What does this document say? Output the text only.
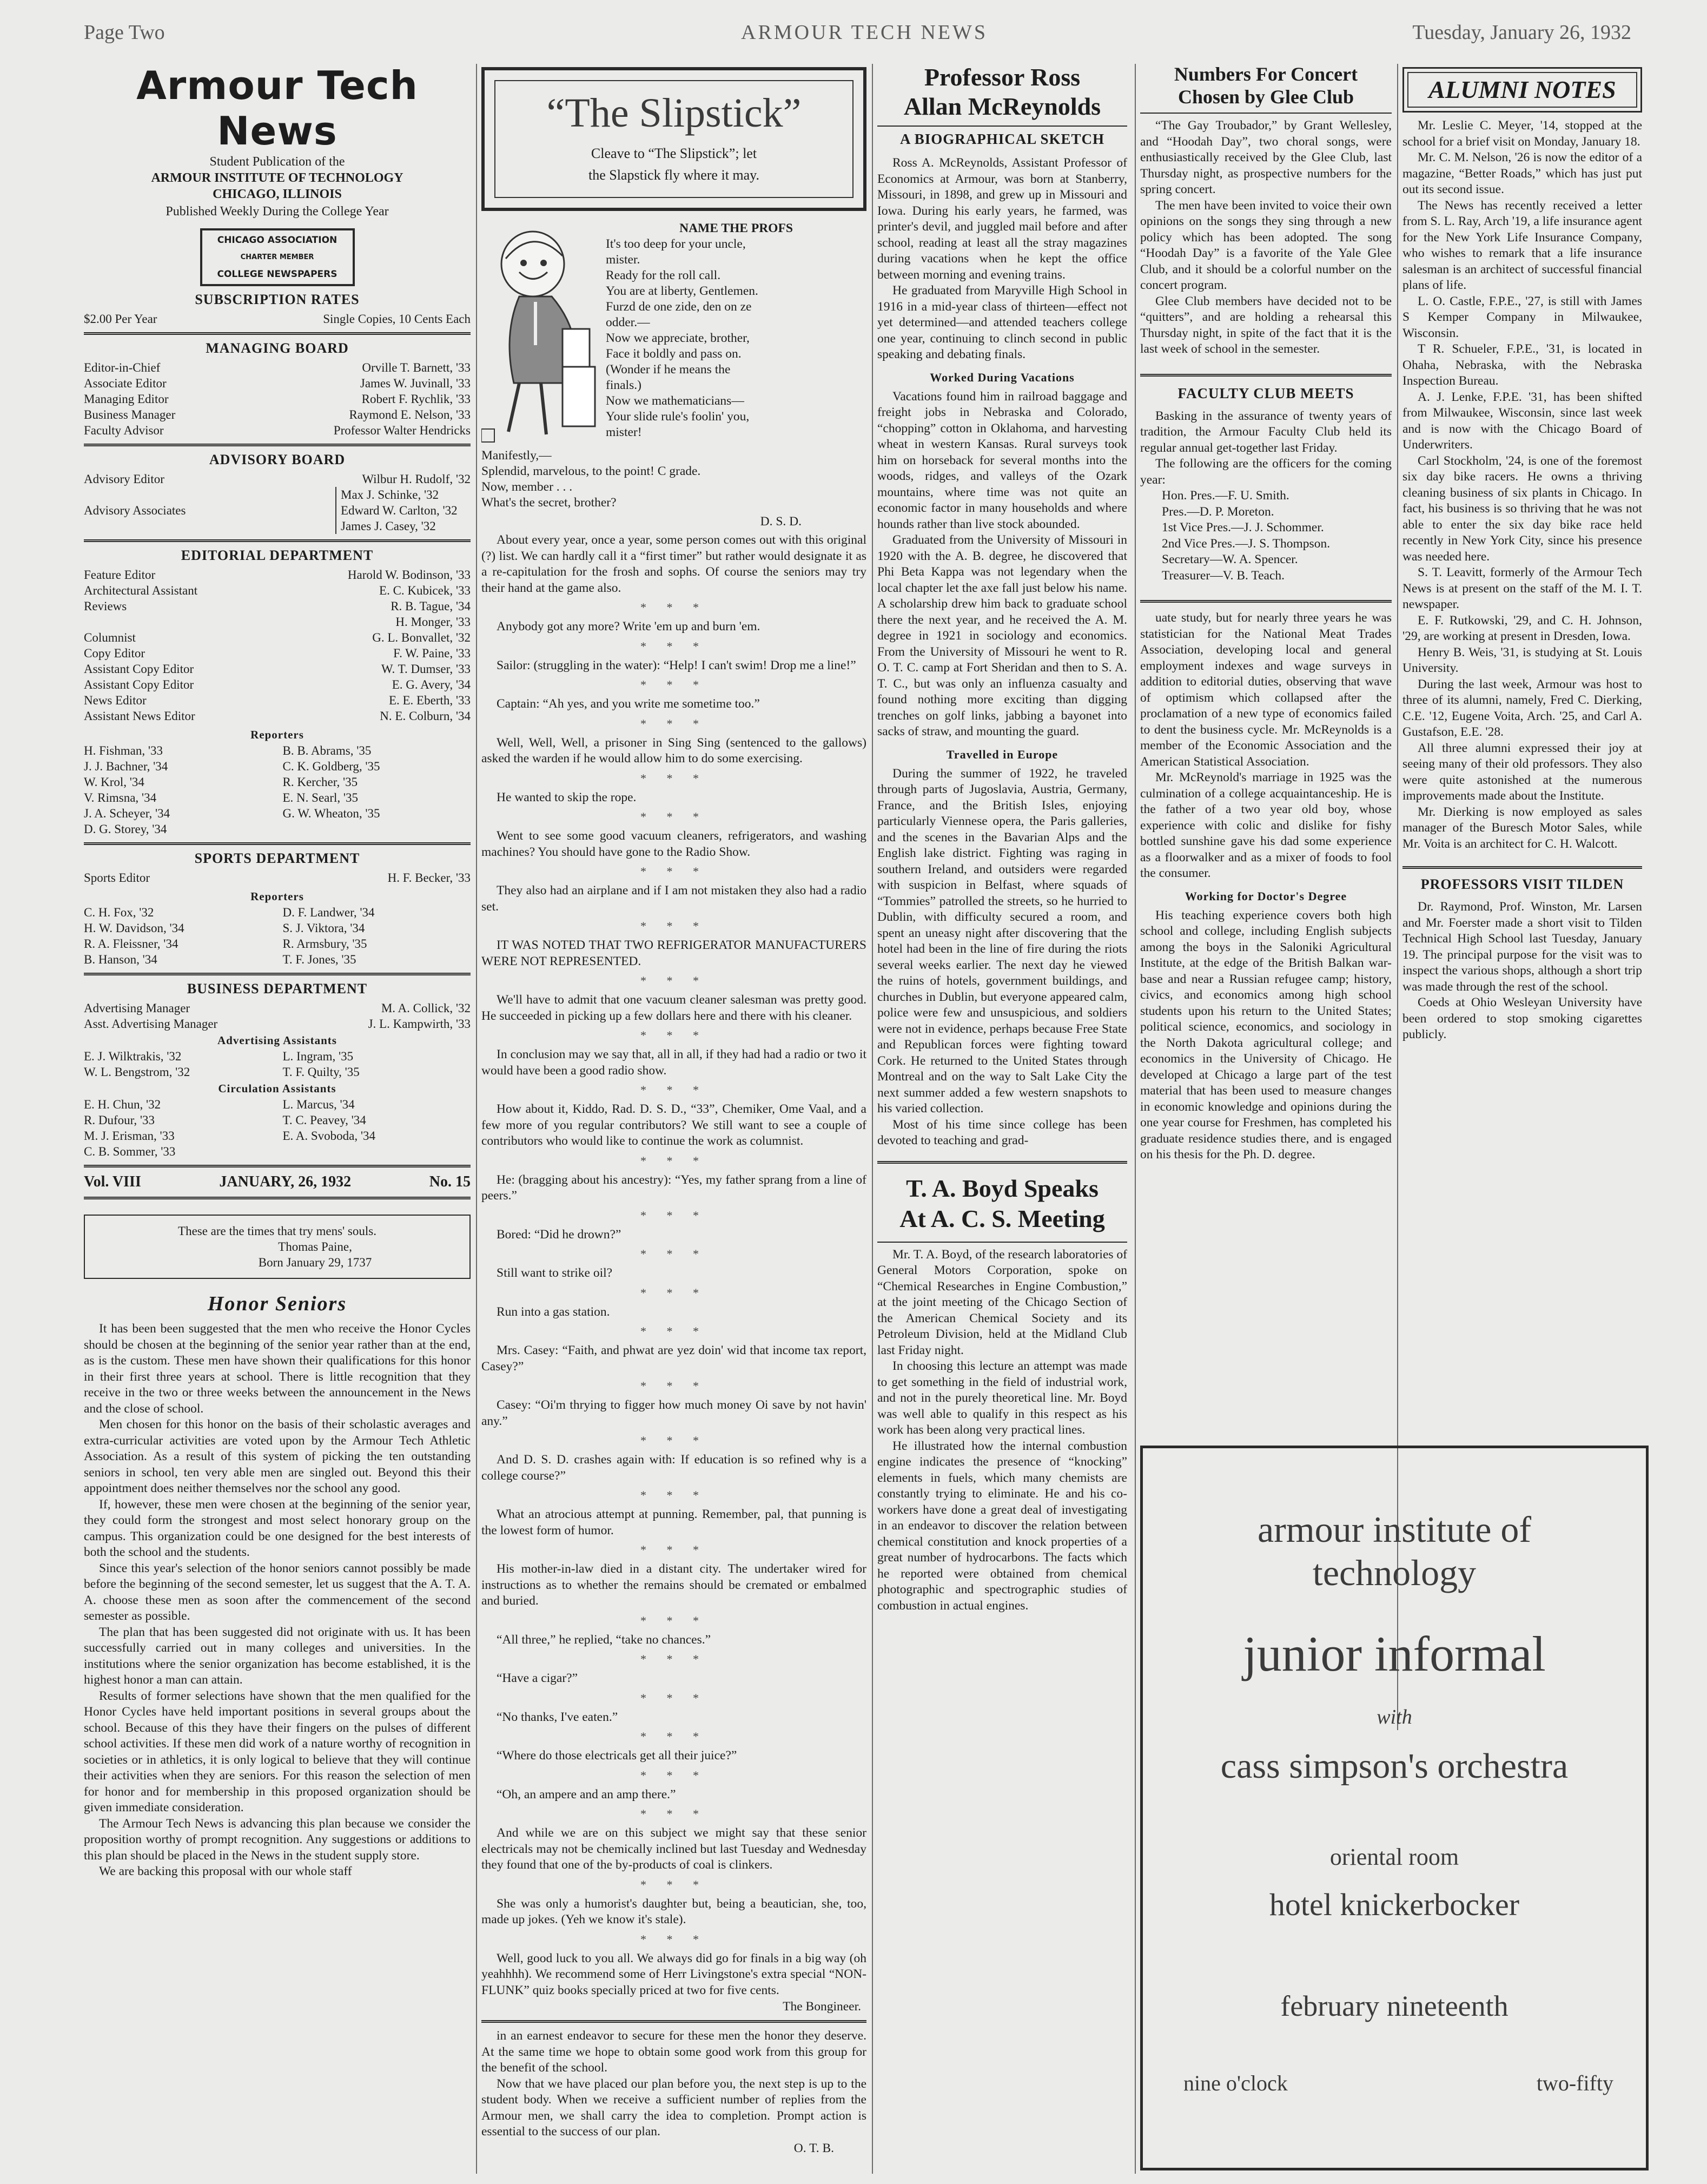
Page Two	ARMOUR TECH NEWS	Tuesday, January 26, 1932
Armour Tech News
Student Publication of the
ARMOUR INSTITUTE OF TECHNOLOGY
CHICAGO, ILLINOIS
Published Weekly During the College Year
CHICAGO ASSOCIATION
CHARTER MEMBER
COLLEGE NEWSPAPERS
SUBSCRIPTION RATES
$2.00 Per Year	Single Copies, 10 Cents Each
MANAGING BOARD
Editor-in-Chief	Orville T. Barnett, '33
Associate Editor	James W. Juvinall, '33
Managing Editor	Robert F. Rychlik, '33
Business Manager	Raymond E. Nelson, '33
Faculty Advisor	Professor Walter Hendricks
ADVISORY BOARD
Advisory Editor	Wilbur H. Rudolf, '32
Advisory Associates
Max J. Schinke, '32
Edward W. Carlton, '32
James J. Casey, '32
EDITORIAL DEPARTMENT
Feature Editor	Harold W. Bodinson, '33
Architectural Assistant	E. C. Kubicek, '33
Reviews	R. B. Tague, '34
H. Monger, '33
Columnist	G. L. Bonvallet, '32
Copy Editor	F. W. Paine, '33
Assistant Copy Editor	W. T. Dumser, '33
Assistant Copy Editor	E. G. Avery, '34
News Editor	E. E. Eberth, '33
Assistant News Editor	N. E. Colburn, '34
Reporters
H. Fishman, '33	B. B. Abrams, '35
J. J. Bachner, '34	C. K. Goldberg, '35
W. Krol, '34	R. Kercher, '35
V. Rimsna, '34	E. N. Searl, '35
J. A. Scheyer, '34	G. W. Wheaton, '35
D. G. Storey, '34
SPORTS DEPARTMENT
Sports Editor	H. F. Becker, '33
Reporters
C. H. Fox, '32	D. F. Landwer, '34
H. W. Davidson, '34	S. J. Viktora, '34
R. A. Fleissner, '34	R. Armsbury, '35
B. Hanson, '34	T. F. Jones, '35
BUSINESS DEPARTMENT
Advertising Manager	M. A. Collick, '32
Asst. Advertising Manager	J. L. Kampwirth, '33
Advertising Assistants
E. J. Wilktrakis, '32	L. Ingram, '35
W. L. Bengstrom, '32	T. F. Quilty, '35
Circulation Assistants
E. H. Chun, '32	L. Marcus, '34
R. Dufour, '33	T. C. Peavey, '34
M. J. Erisman, '33	E. A. Svoboda, '34
C. B. Sommer, '33
Vol. VIII	JANUARY, 26, 1932	No. 15
These are the times that try mens' souls.
Thomas Paine,
Born January 29, 1737
Honor Seniors

It has been been suggested that the men who receive the Honor Cycles should be chosen at the beginning of the senior year rather than at the end, as is the custom. These men have shown their qualifications for this honor in their first three years at school. There is little recognition that they receive in the two or three weeks between the announcement in the News and the close of school.

Men chosen for this honor on the basis of their scholastic averages and extra-curricular activities are voted upon by the Armour Tech Athletic Association. As a result of this system of picking the ten outstanding seniors in school, ten very able men are singled out. Beyond this their appointment does neither themselves nor the school any good.

If, however, these men were chosen at the beginning of the senior year, they could form the strongest and most select honorary group on the campus. This organization could be one designed for the best interests of both the school and the students.

Since this year's selection of the honor seniors cannot possibly be made before the beginning of the second semester, let us suggest that the A. T. A. A. choose these men as soon after the commencement of the second semester as possible.

The plan that has been suggested did not originate with us. It has been successfully carried out in many colleges and universities. In the institutions where the senior organization has become established, it is the highest honor a man can attain.

Results of former selections have shown that the men qualified for the Honor Cycles have held important positions in several groups about the school. Because of this they have their fingers on the pulses of different school activities. If these men did work of a nature worthy of recognition in societies or in athletics, it is only logical to believe that they will continue their activities when they are seniors. For this reason the selection of men for honor and for membership in this proposed organization should be given immediate consideration.

The Armour Tech News is advancing this plan because we consider the proposition worthy of prompt recognition. Any suggestions or additions to this plan should be placed in the News in the student supply store.

We are backing this proposal with our whole staff

“The Slipstick”
Cleave to “The Slipstick”; let
the Slapstick fly where it may.
NAME THE PROFS
It's too deep for your uncle,
mister.
Ready for the roll call.
You are at liberty, Gentlemen.
Furzd de one zide, den on ze
odder.—
Now we appreciate, brother,
Face it boldly and pass on.
(Wonder if he means the
finals.)
Now we mathematicians—
Your slide rule's foolin' you,
mister!
Manifestly,—
Splendid, marvelous, to the point! C grade.
Now, member . . .
What's the secret, brother?
D. S. D.

About every year, once a year, some person comes out with this original (?) list. We can hardly call it a “first timer” but rather would designate it as a re-capitulation for the frosh and sophs. Of course the seniors may try their hand at the game also.

* * *

Anybody got any more? Write 'em up and burn 'em.

* * *

Sailor: (struggling in the water): “Help! I can't swim! Drop me a line!”

* * *

Captain: “Ah yes, and you write me sometime too.”

* * *

Well, Well, Well, a prisoner in Sing Sing (sentenced to the gallows) asked the warden if he would allow him to do some exercising.

* * *

He wanted to skip the rope.

* * *

Went to see some good vacuum cleaners, refrigerators, and washing machines? You should have gone to the Radio Show.

* * *

They also had an airplane and if I am not mistaken they also had a radio set.

* * *

IT WAS NOTED THAT TWO REFRIGERATOR MANUFACTURERS WERE NOT REPRESENTED.

* * *

We'll have to admit that one vacuum cleaner salesman was pretty good. He succeeded in picking up a few dollars here and there with his cleaner.

* * *

In conclusion may we say that, all in all, if they had had a radio or two it would have been a good radio show.

* * *

How about it, Kiddo, Rad. D. S. D., “33”, Chemiker, Ome Vaal, and a few more of you regular contributors? We still want to see a couple of contributors who would like to continue the work as columnist.

* * *

He: (bragging about his ancestry): “Yes, my father sprang from a line of peers.”

* * *

Bored: “Did he drown?”

* * *

Still want to strike oil?

* * *

Run into a gas station.

* * *

Mrs. Casey: “Faith, and phwat are yez doin' wid that income tax report, Casey?”

* * *

Casey: “Oi'm thrying to figger how much money Oi save by not havin' any.”

* * *

And D. S. D. crashes again with: If education is so refined why is a college course?”

* * *

What an atrocious attempt at punning. Remember, pal, that punning is the lowest form of humor.

* * *

His mother-in-law died in a distant city. The undertaker wired for instructions as to whether the remains should be cremated or embalmed and buried.

* * *

“All three,” he replied, “take no chances.”

* * *

“Have a cigar?”

* * *

“No thanks, I've eaten.”

* * *

“Where do those electricals get all their juice?”

* * *

“Oh, an ampere and an amp there.”

* * *

And while we are on this subject we might say that these senior electricals may not be chemically inclined but last Tuesday and Wednesday they found that one of the by-products of coal is clinkers.

* * *

She was only a humorist's daughter but, being a beautician, she, too, made up jokes. (Yeh we know it's stale).

* * *

Well, good luck to you all. We always did go for finals in a big way (oh yeahhhh). We recommend some of Herr Livingstone's extra special “NON-FLUNK” quiz books specially priced at two for five cents.

The Bongineer.

in an earnest endeavor to secure for these men the honor they deserve. At the same time we hope to obtain some good work from this group for the benefit of the school.

Now that we have placed our plan before you, the next step is up to the student body. When we receive a sufficient number of replies from the Armour men, we shall carry the idea to completion. Prompt action is essential to the success of our plan.

O. T. B.
Professor Ross
Allan McReynolds
A BIOGRAPHICAL SKETCH

Ross A. McReynolds, Assistant Professor of Economics at Armour, was born at Stanberry, Missouri, in 1898, and grew up in Missouri and Iowa. During his early years, he farmed, was printer's devil, and juggled mail before and after school, reading at least all the stray magazines during vacations when he kept the office between morning and evening trains.

He graduated from Maryville High School in 1916 in a mid-year class of thirteen—effect not yet determined—and attended teachers college one year, continuing to clinch second in public speaking and debating finals.

Worked During Vacations

Vacations found him in railroad baggage and freight jobs in Nebraska and Colorado, “chopping” cotton in Oklahoma, and harvesting wheat in western Kansas. Rural surveys took him on horseback for several months into the woods, ridges, and valleys of the Ozark mountains, where time was not quite an economic factor in many households and where hounds rather than live stock abounded.

Graduated from the University of Missouri in 1920 with the A. B. degree, he discovered that Phi Beta Kappa was not legendary when the local chapter let the axe fall just below his name. A scholarship drew him back to graduate school there the next year, and he received the A. M. degree in 1921 in sociology and economics. From the University of Missouri he went to R. O. T. C. camp at Fort Sheridan and then to S. A. T. C., but was only an influenza casualty and found nothing more exciting than digging trenches on golf links, jabbing a bayonet into sacks of straw, and mounting the guard.

Travelled in Europe

During the summer of 1922, he traveled through parts of Jugoslavia, Austria, Germany, France, and the British Isles, enjoying particularly Viennese opera, the Paris galleries, and the scenes in the Bavarian Alps and the English lake district. Fighting was raging in southern Ireland, and outsiders were regarded with suspicion in Belfast, where squads of “Tommies” patrolled the streets, so he hurried to Dublin, with difficulty secured a room, and spent an uneasy night after discovering that the hotel had been in the line of fire during the riots several weeks earlier. The next day he viewed the ruins of hotels, government buildings, and churches in Dublin, but everyone appeared calm, police were few and unsuspicious, and soldiers were not in evidence, perhaps because Free State and Republican forces were fighting toward Cork. He returned to the United States through Montreal and on the way to Salt Lake City the next summer added a few western snapshots to his varied collection.

Most of his time since college has been devoted to teaching and grad-

T. A. Boyd Speaks
At A. C. S. Meeting

Mr. T. A. Boyd, of the research laboratories of General Motors Corporation, spoke on “Chemical Researches in Engine Combustion,” at the joint meeting of the Chicago Section of the American Chemical Society and its Petroleum Division, held at the Midland Club last Friday night.

In choosing this lecture an attempt was made to get something in the field of industrial work, and not in the purely theoretical line. Mr. Boyd was well able to qualify in this respect as his work has been along very practical lines.

He illustrated how the internal combustion engine indicates the presence of “knocking” elements in fuels, which many chemists are constantly trying to eliminate. He and his co-workers have done a great deal of investigating in an endeavor to discover the relation between chemical constitution and knock properties of a great number of hydrocarbons. The facts which he reported were obtained from chemical photographic and spectrographic studies of combustion in actual engines.

Numbers For Concert
Chosen by Glee Club

“The Gay Troubador,” by Grant Wellesley, and “Hoodah Day”, two choral songs, were enthusiastically received by the Glee Club, last Thursday night, as prospective numbers for the spring concert.

The men have been invited to voice their own opinions on the songs they sing through a new policy which has been adopted. The song “Hoodah Day” is a favorite of the Yale Glee Club, and it should be a colorful number on the concert program.

Glee Club members have decided not to be “quitters”, and are holding a rehearsal this Thursday night, in spite of the fact that it is the last week of school in the semester.

FACULTY CLUB MEETS

Basking in the assurance of twenty years of tradition, the Armour Faculty Club held its regular annual get-together last Friday.

The following are the officers for the coming year:

Hon. Pres.—F. U. Smith.
Pres.—D. P. Moreton.
1st Vice Pres.—J. J. Schommer.
2nd Vice Pres.—J. S. Thompson.
Secretary—W. A. Spencer.
Treasurer—V. B. Teach.

uate study, but for nearly three years he was statistician for the National Meat Trades Association, developing local and general employment indexes and wage surveys in addition to editorial duties, observing that wave of optimism which collapsed after the proclamation of a new type of economics failed to dent the business cycle. Mr. McReynolds is a member of the Economic Association and the American Statistical Association.

Mr. McReynold's marriage in 1925 was the culmination of a college acquaintanceship. He is the father of a two year old boy, whose experience with colic and dislike for fishy bottled sunshine gave his dad some experience as a floorwalker and as a mixer of foods to fool the consumer.

Working for Doctor's Degree

His teaching experience covers both high school and college, including English subjects among the boys in the Saloniki Agricultural Institute, at the edge of the British Balkan war-base and near a Russian refugee camp; history, civics, and economics among high school students upon his return to the United States; political science, economics, and sociology in the North Dakota agricultural college; and economics in the University of Chicago. He developed at Chicago a large part of the test material that has been used to measure changes in economic knowledge and opinions during the one year course for Freshmen, has completed his graduate residence studies there, and is engaged on his thesis for the Ph. D. degree.

ALUMNI NOTES

Mr. Leslie C. Meyer, '14, stopped at the school for a brief visit on Monday, January 18.

Mr. C. M. Nelson, '26 is now the editor of a magazine, “Better Roads,” which has just put out its second issue.

The News has recently received a letter from S. L. Ray, Arch '19, a life insurance agent for the New York Life Insurance Company, who wishes to remark that a life insurance salesman is an architect of successful financial plans of life.

L. O. Castle, F.P.E., '27, is still with James S Kemper Company in Milwaukee, Wisconsin.

T R. Schueler, F.P.E., '31, is located in Ohaha, Nebraska, with the Nebraska Inspection Bureau.

A. J. Lenke, F.P.E. '31, has been shifted from Milwaukee, Wisconsin, since last week and is now with the Chicago Board of Underwriters.

Carl Stockholm, '24, is one of the foremost six day bike racers. He owns a thriving cleaning business of six plants in Chicago. In fact, his business is so thriving that he was not able to enter the six day bike race held recently in New York City, since his presence was needed here.

S. T. Leavitt, formerly of the Armour Tech News is at present on the staff of the M. I. T. newspaper.

E. F. Rutkowski, '29, and C. H. Johnson, '29, are working at present in Dresden, Iowa.

Henry B. Weis, '31, is studying at St. Louis University.

During the last week, Armour was host to three of its alumni, namely, Fred C. Dierking, C.E. '12, Eugene Voita, Arch. '25, and Carl A. Gustafson, E.E. '28.

All three alumni expressed their joy at seeing many of their old professors. They also were quite astonished at the numerous improvements made about the Institute.

Mr. Dierking is now employed as sales manager of the Buresch Motor Sales, while Mr. Voita is an architect for C. H. Walcott.

PROFESSORS VISIT TILDEN

Dr. Raymond, Prof. Winston, Mr. Larsen and Mr. Foerster made a short visit to Tilden Technical High School last Tuesday, January 19. The principal purpose for the visit was to inspect the various shops, although a short trip was made through the rest of the school.

Coeds at Ohio Wesleyan University have been ordered to stop smoking cigarettes publicly.

armour institute of
technology
junior informal
with
cass simpson's orchestra
oriental room
hotel knickerbocker
february nineteenth
nine o'clock	two-fifty
